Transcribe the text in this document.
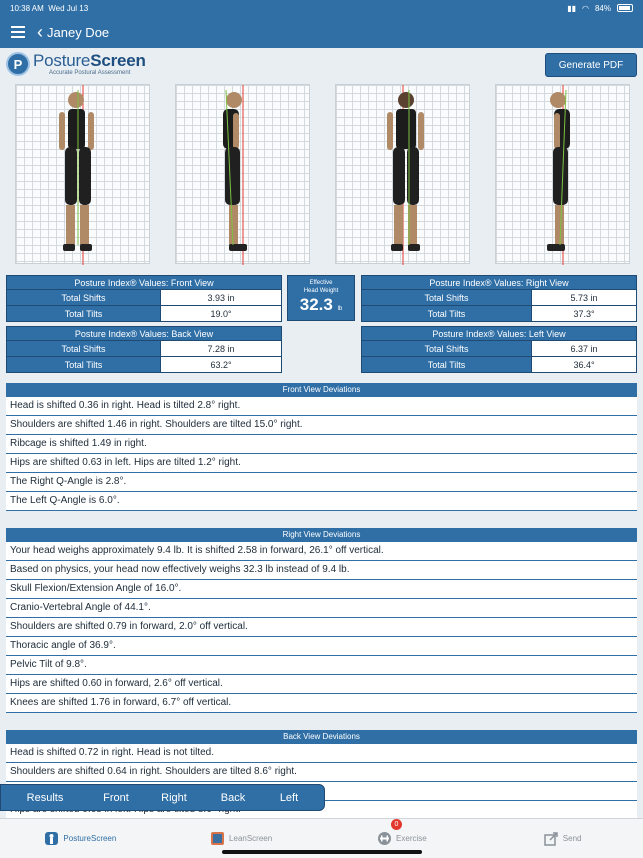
10:38 AM
Wed Jul 13	▮▮ ◠ 84%
‹ Janey Doe
P PostureScreen
Accurate Postural Assessment
Generate PDF
Posture Index® Values: Front View	
Total Shifts	3.93 in
Total Tilts	19.0°
Effective
Head Weight
32.3 lb
Posture Index® Values: Right View	
Total Shifts	5.73 in
Total Tilts	37.3°
Posture Index® Values: Back View	
Total Shifts	7.28 in
Total Tilts	63.2°
Posture Index® Values: Left View	
Total Shifts	6.37 in
Total Tilts	36.4°
Front View Deviations
Head is shifted 0.36 in right. Head is tilted 2.8° right.
Shoulders are shifted 1.46 in right. Shoulders are tilted 15.0° right.
Ribcage is shifted 1.49 in right.
Hips are shifted 0.63 in left. Hips are tilted 1.2° right.
The Right Q-Angle is 2.8°.
The Left Q-Angle is 6.0°.
Right View Deviations
Your head weighs approximately 9.4 lb. It is shifted 2.58 in forward, 26.1° off vertical.
Based on physics, your head now effectively weighs 32.3 lb instead of 9.4 lb.
Skull Flexion/Extension Angle of 16.0°.
Cranio-Vertebral Angle of 44.1°.
Shoulders are shifted 0.79 in forward, 2.0° off vertical.
Thoracic angle of 36.9°.
Pelvic Tilt of 9.8°.
Hips are shifted 0.60 in forward, 2.6° off vertical.
Knees are shifted 1.76 in forward, 6.7° off vertical.
Back View Deviations
Head is shifted 0.72 in right. Head is not tilted.
Shoulders are shifted 0.64 in right. Shoulders are tilted 8.6° right.
Results	Front	Right	Back	Left
PostureScreen	LeanScreen	Exercise	Send
0
